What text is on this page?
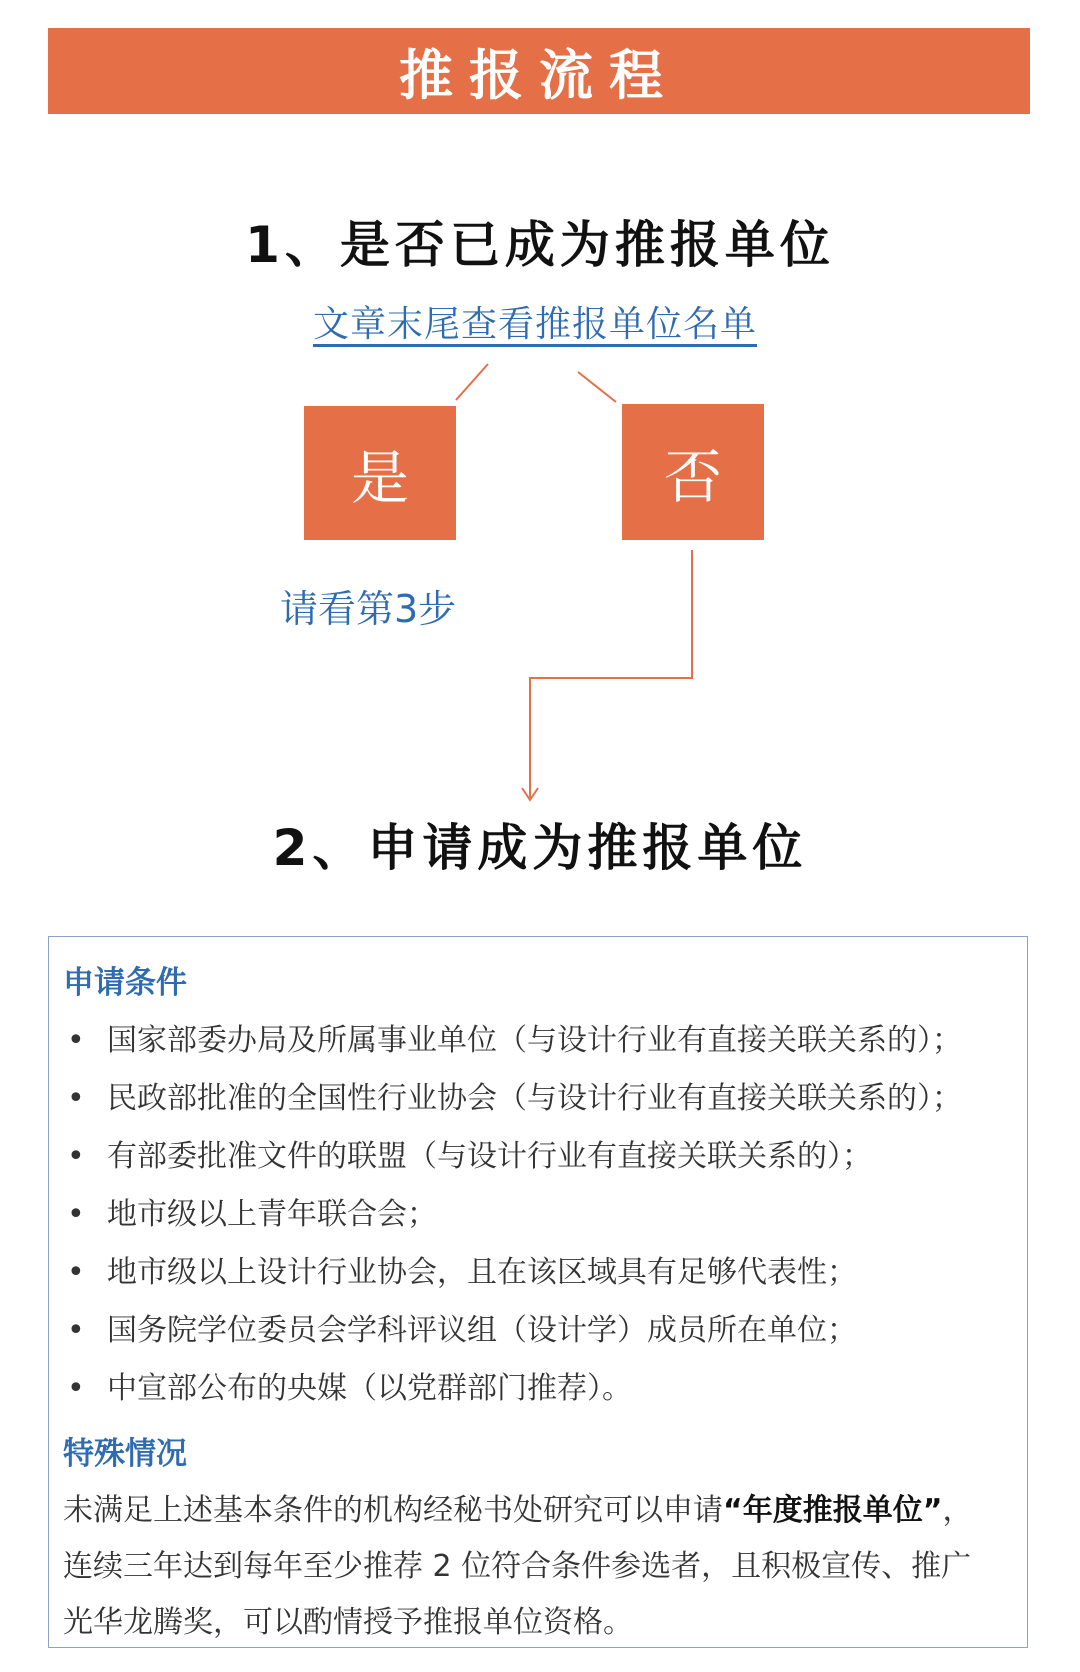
推报流程
1、是否已成为推报单位
文章末尾查看推报单位名单
是	否
请看第3步
2、申请成为推报单位
申请条件
• 国家部委办局及所属事业单位（与设计行业有直接关联关系的）；
• 民政部批准的全国性行业协会（与设计行业有直接关联关系的）；
• 有部委批准文件的联盟（与设计行业有直接关联关系的）；
• 地市级以上青年联合会；
• 地市级以上设计行业协会，且在该区域具有足够代表性；
• 国务院学位委员会学科评议组（设计学）成员所在单位；
• 中宣部公布的央媒（以党群部门推荐）。
特殊情况

未满足上述基本条件的机构经秘书处研究可以申请“年度推报单位”，连续三年达到每年至少推荐 2 位符合条件参选者，且积极宣传、推广光华龙腾奖，可以酌情授予推报单位资格。
